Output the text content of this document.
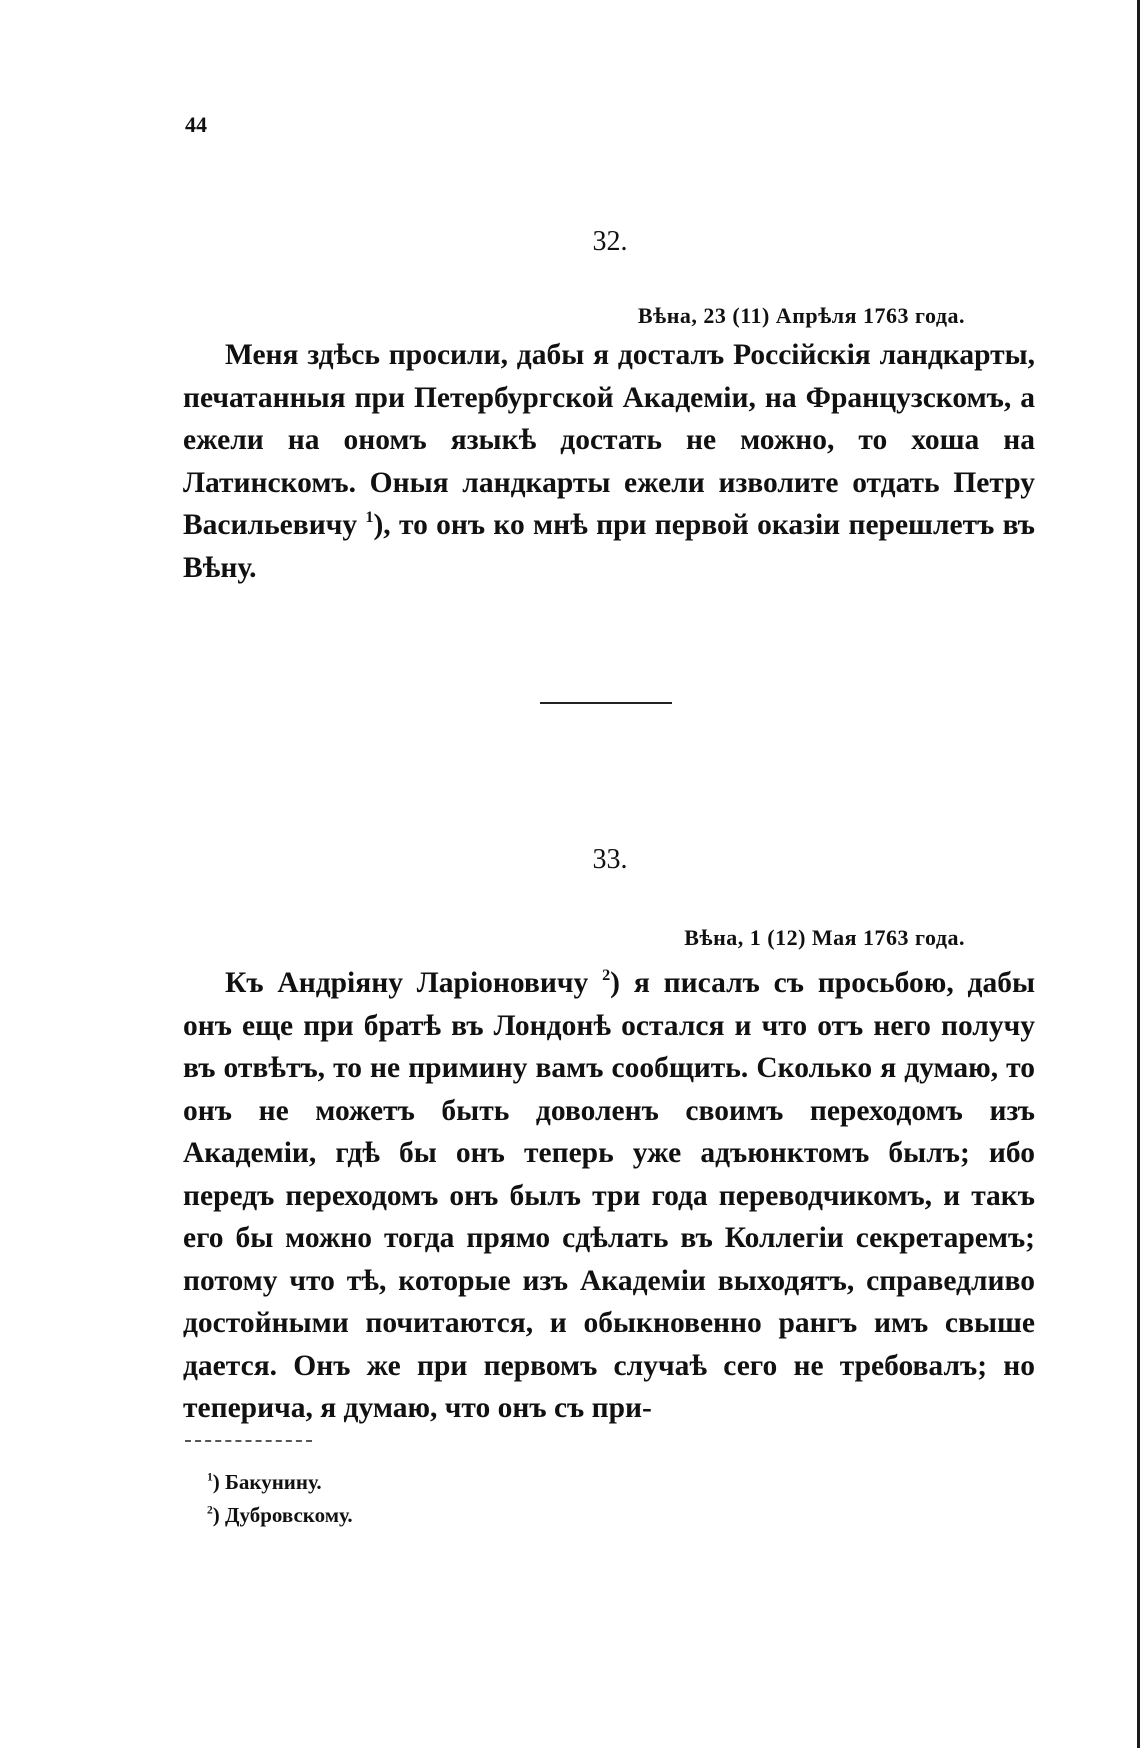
44
32.
Вѣна, 23 (11) Апрѣля 1763 года.

Меня здѣсь просили, дабы я досталъ Россійскія ландкарты, печатанныя при Петербургской Академіи, на Французскомъ, а ежели на ономъ языкѣ достать не можно, то хоша на Латинскомъ. Оныя ландкарты ежели изволите отдать Петру Васильевичу $^1$), то онъ ко мнѣ при первой оказіи перешлетъ въ Вѣну.

33.
Вѣна, 1 (12) Мая 1763 года.

Къ Андріяну Ларіоновичу $^2$) я писалъ съ просьбою, дабы онъ еще при братѣ въ Лондонѣ остался и что отъ него получу въ отвѣтъ, то не примину вамъ сообщить. Сколько я думаю, то онъ не можетъ быть доволенъ своимъ переходомъ изъ Академіи, гдѣ бы онъ теперь уже адъюнктомъ былъ; ибо передъ переходомъ онъ былъ три года переводчикомъ, и такъ его бы можно тогда прямо сдѣлать въ Коллегіи секретаремъ; потому что тѣ, которые изъ Академіи выходятъ, справедливо достойными почитаются, и обыкновенно рангъ имъ свыше дается. Онъ же при первомъ случаѣ сего не требовалъ; но теперича, я думаю, что онъ съ при-

$^1$) Бакунину.
$^2$) Дубровскому.
